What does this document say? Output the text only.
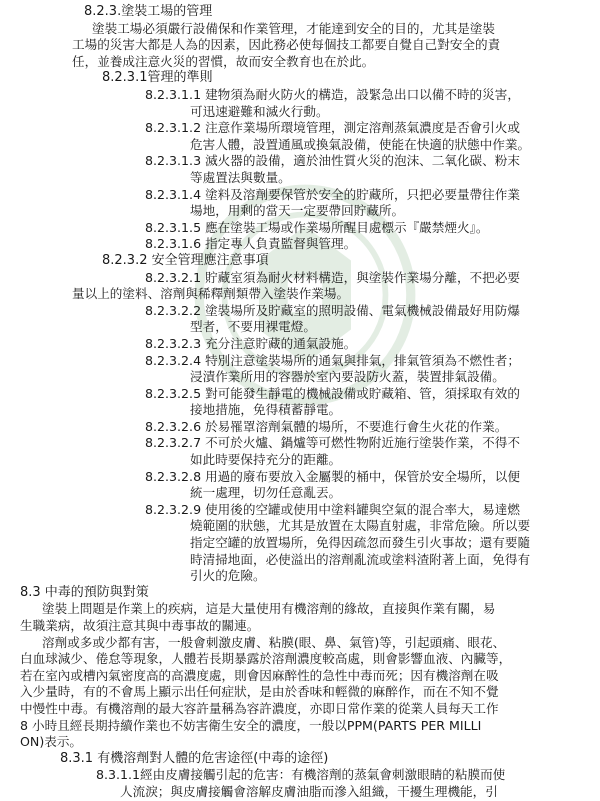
8.2.3.塗裝工場的管理
塗裝工場必須嚴行設備保和作業管理，才能達到安全的目的，尤其是塗裝
工場的災害大都是人為的因素，因此務必使每個技工都要自覺自己對安全的責
任，並養成注意火災的習慣，故而安全教育也在於此。
8.2.3.1管理的準則
8.2.3.1.1 建物須為耐火防火的構造，設緊急出口以備不時的災害，
可迅速避難和滅火行動。
8.2.3.1.2 注意作業場所環境管理，測定溶劑蒸氣濃度是否會引火或
危害人體，設置通風或換氣設備，使能在快適的狀態中作業。
8.2.3.1.3 滅火器的設備，適於油性質火災的泡沫、二氧化碳、粉末
等處置法與數量。
8.2.3.1.4 塗料及溶劑要保管於安全的貯藏所，只把必要量帶往作業
場地，用剩的當天一定要帶回貯藏所。
8.2.3.1.5 應在塗裝工場或作業場所醒目處標示『嚴禁煙火』。
8.2.3.1.6 指定專人負責監督與管理。
8.2.3.2 安全管理應注意事項
8.2.3.2.1 貯藏室須為耐火材料構造，與塗裝作業場分離，不把必要
量以上的塗料、溶劑與稀釋劑類帶入塗裝作業場。
8.2.3.2.2 塗裝場所及貯藏室的照明設備、電氣機械設備最好用防爆
型者，不要用裸電燈。
8.2.3.2.3 充分注意貯藏的通氣設施。
8.2.3.2.4 特別注意塗裝場所的通氣與排氣，排氣管須為不燃性者；
浸漬作業所用的容器於室內要設防火蓋，裝置排氣設備。
8.2.3.2.5 對可能發生靜電的機械設備或貯藏箱、管，須採取有效的
接地措施，免得積蓄靜電。
8.2.3.2.6 於易罹罩溶劑氣體的場所，不要進行會生火花的作業。
8.2.3.2.7 不可於火爐、鍋爐等可燃性物附近施行塗裝作業，不得不
如此時要保持充分的距離。
8.2.3.2.8 用過的廢布要放入金屬製的桶中，保管於安全場所，以便
統一處理，切勿任意亂丟。
8.2.3.2.9 使用後的空罐或使用中塗料罐與空氣的混合率大，易達燃
燒範圍的狀態，尤其是放置在太陽直射處，非常危險。所以要
指定空罐的放置場所，免得因疏忽而發生引火事故；還有要隨
時清掃地面，必使溢出的溶劑亂流或塗料渣附著上面，免得有
引火的危險。
8.3 中毒的預防與對策
塗裝上問題是作業上的疾病，這是大量使用有機溶劑的緣故，直接與作業有關，易
生職業病，故須注意其與中毒事故的關連。
溶劑或多或少都有害，一般會刺激皮膚、粘膜(眼、鼻、氣管)等，引起頭痛、眼花、
白血球減少、倦怠等現象，人體若長期暴露於溶劑濃度較高處，則會影響血液、內臟等，
若在室內或槽內氣密度高的高濃度處，則會因麻醉性的急性中毒而死；因有機溶劑在吸
入少量時，有的不會馬上顯示出任何症狀，是由於香味和輕微的麻醉作，而在不知不覺
中慢性中毒。有機溶劑的最大容許量稱為容許濃度，亦即日常作業的從業人員每天工作
8 小時且經長期持續作業也不妨害衛生安全的濃度，一般以PPM(PARTS PER MILLI
ON)表示。
8.3.1 有機溶劑對人體的危害途徑(中毒的途徑)
8.3.1.1經由皮膚接觸引起的危害：有機溶劑的蒸氣會刺激眼睛的粘膜而使
人流淚；與皮膚接觸會溶解皮膚油脂而滲入組織，干擾生理機能，引
